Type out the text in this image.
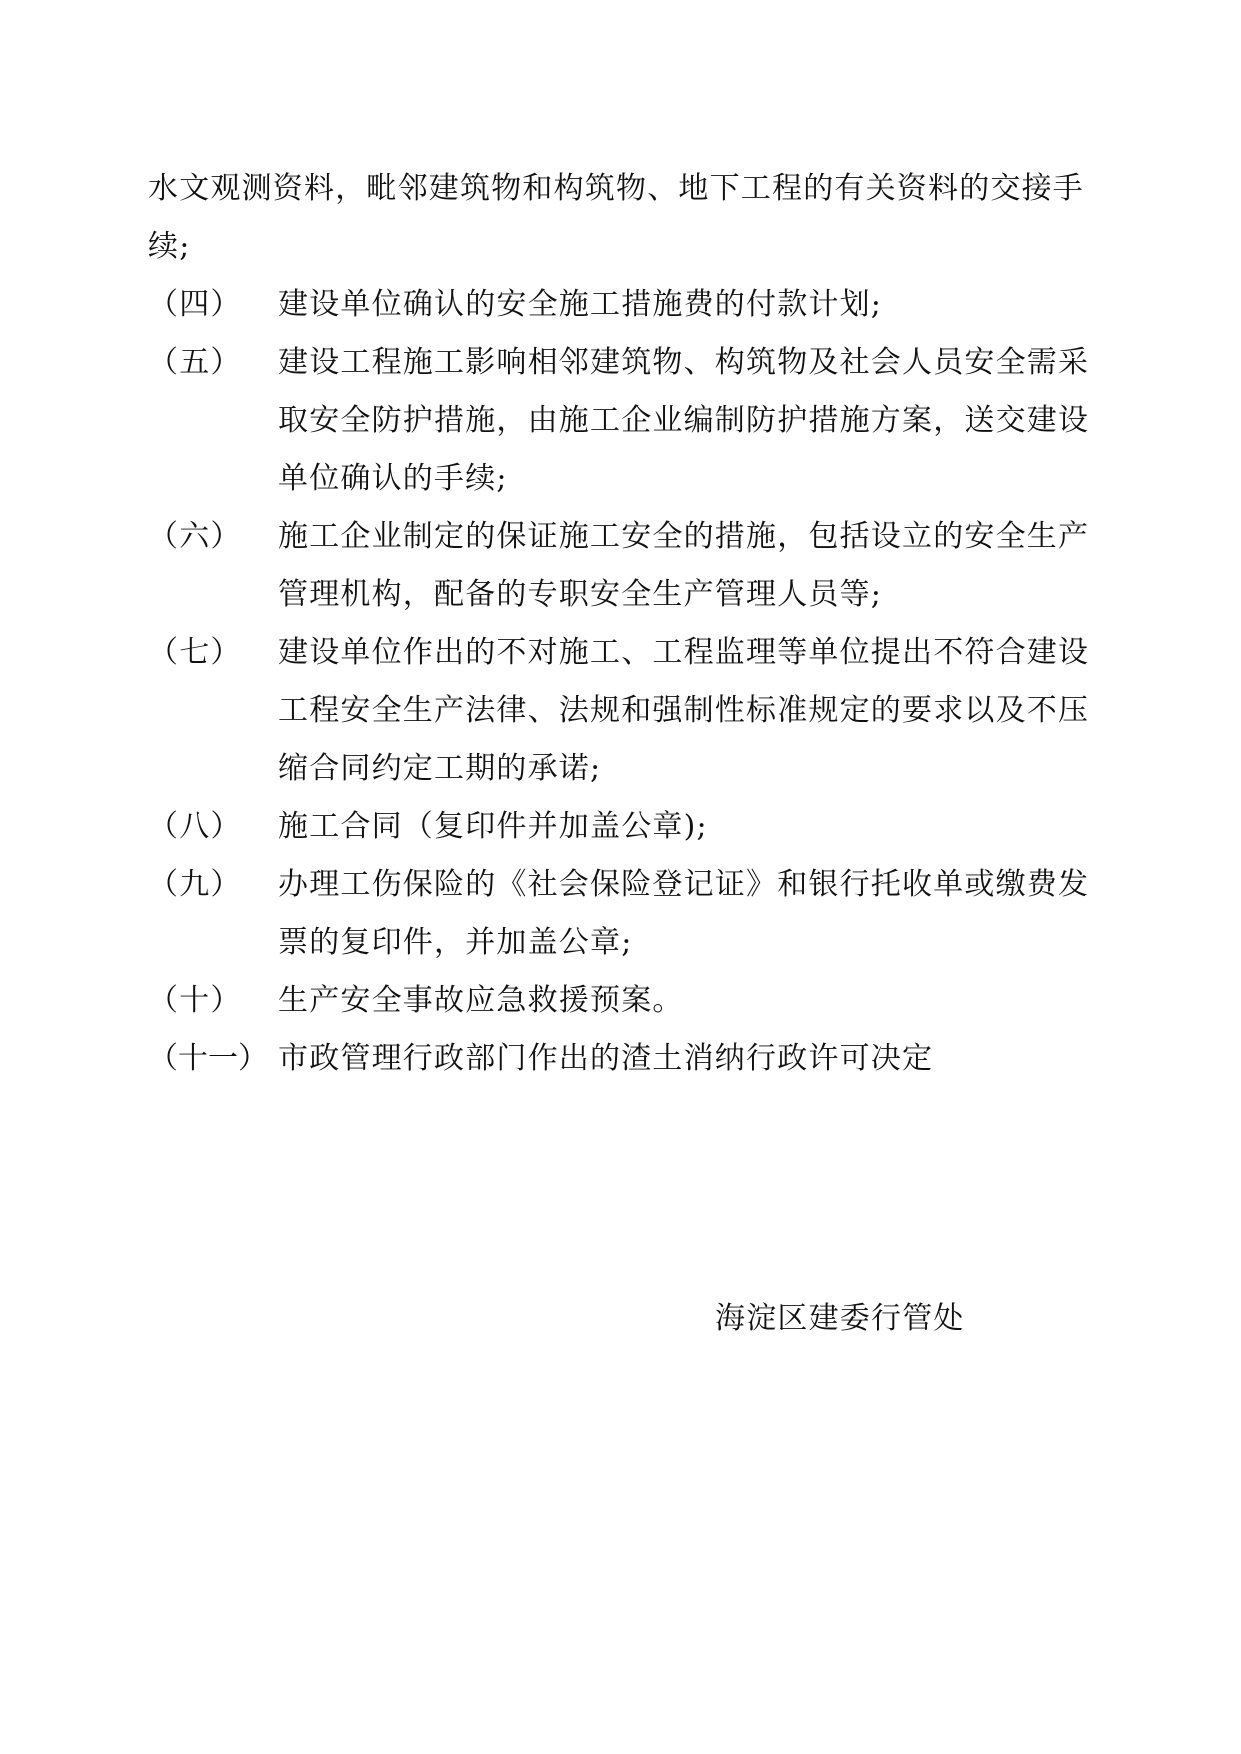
水文观测资料，毗邻建筑物和构筑物、地下工程的有关资料的交接手续;

（四）	建设单位确认的安全施工措施费的付款计划;
（五）	建设工程施工影响相邻建筑物、构筑物及社会人员安全需采取安全防护措施，由施工企业编制防护措施方案，送交建设单位确认的手续;
（六）	施工企业制定的保证施工安全的措施，包括设立的安全生产管理机构，配备的专职安全生产管理人员等;
（七）	建设单位作出的不对施工、工程监理等单位提出不符合建设工程安全生产法律、法规和强制性标准规定的要求以及不压缩合同约定工期的承诺;
（八）	施工合同（复印件并加盖公章);
（九）	办理工伤保险的《社会保险登记证》和银行托收单或缴费发票的复印件，并加盖公章;
（十）	生产安全事故应急救援预案。
（十一） 市政管理行政部门作出的渣土消纳行政许可决定

海淀区建委行管处
